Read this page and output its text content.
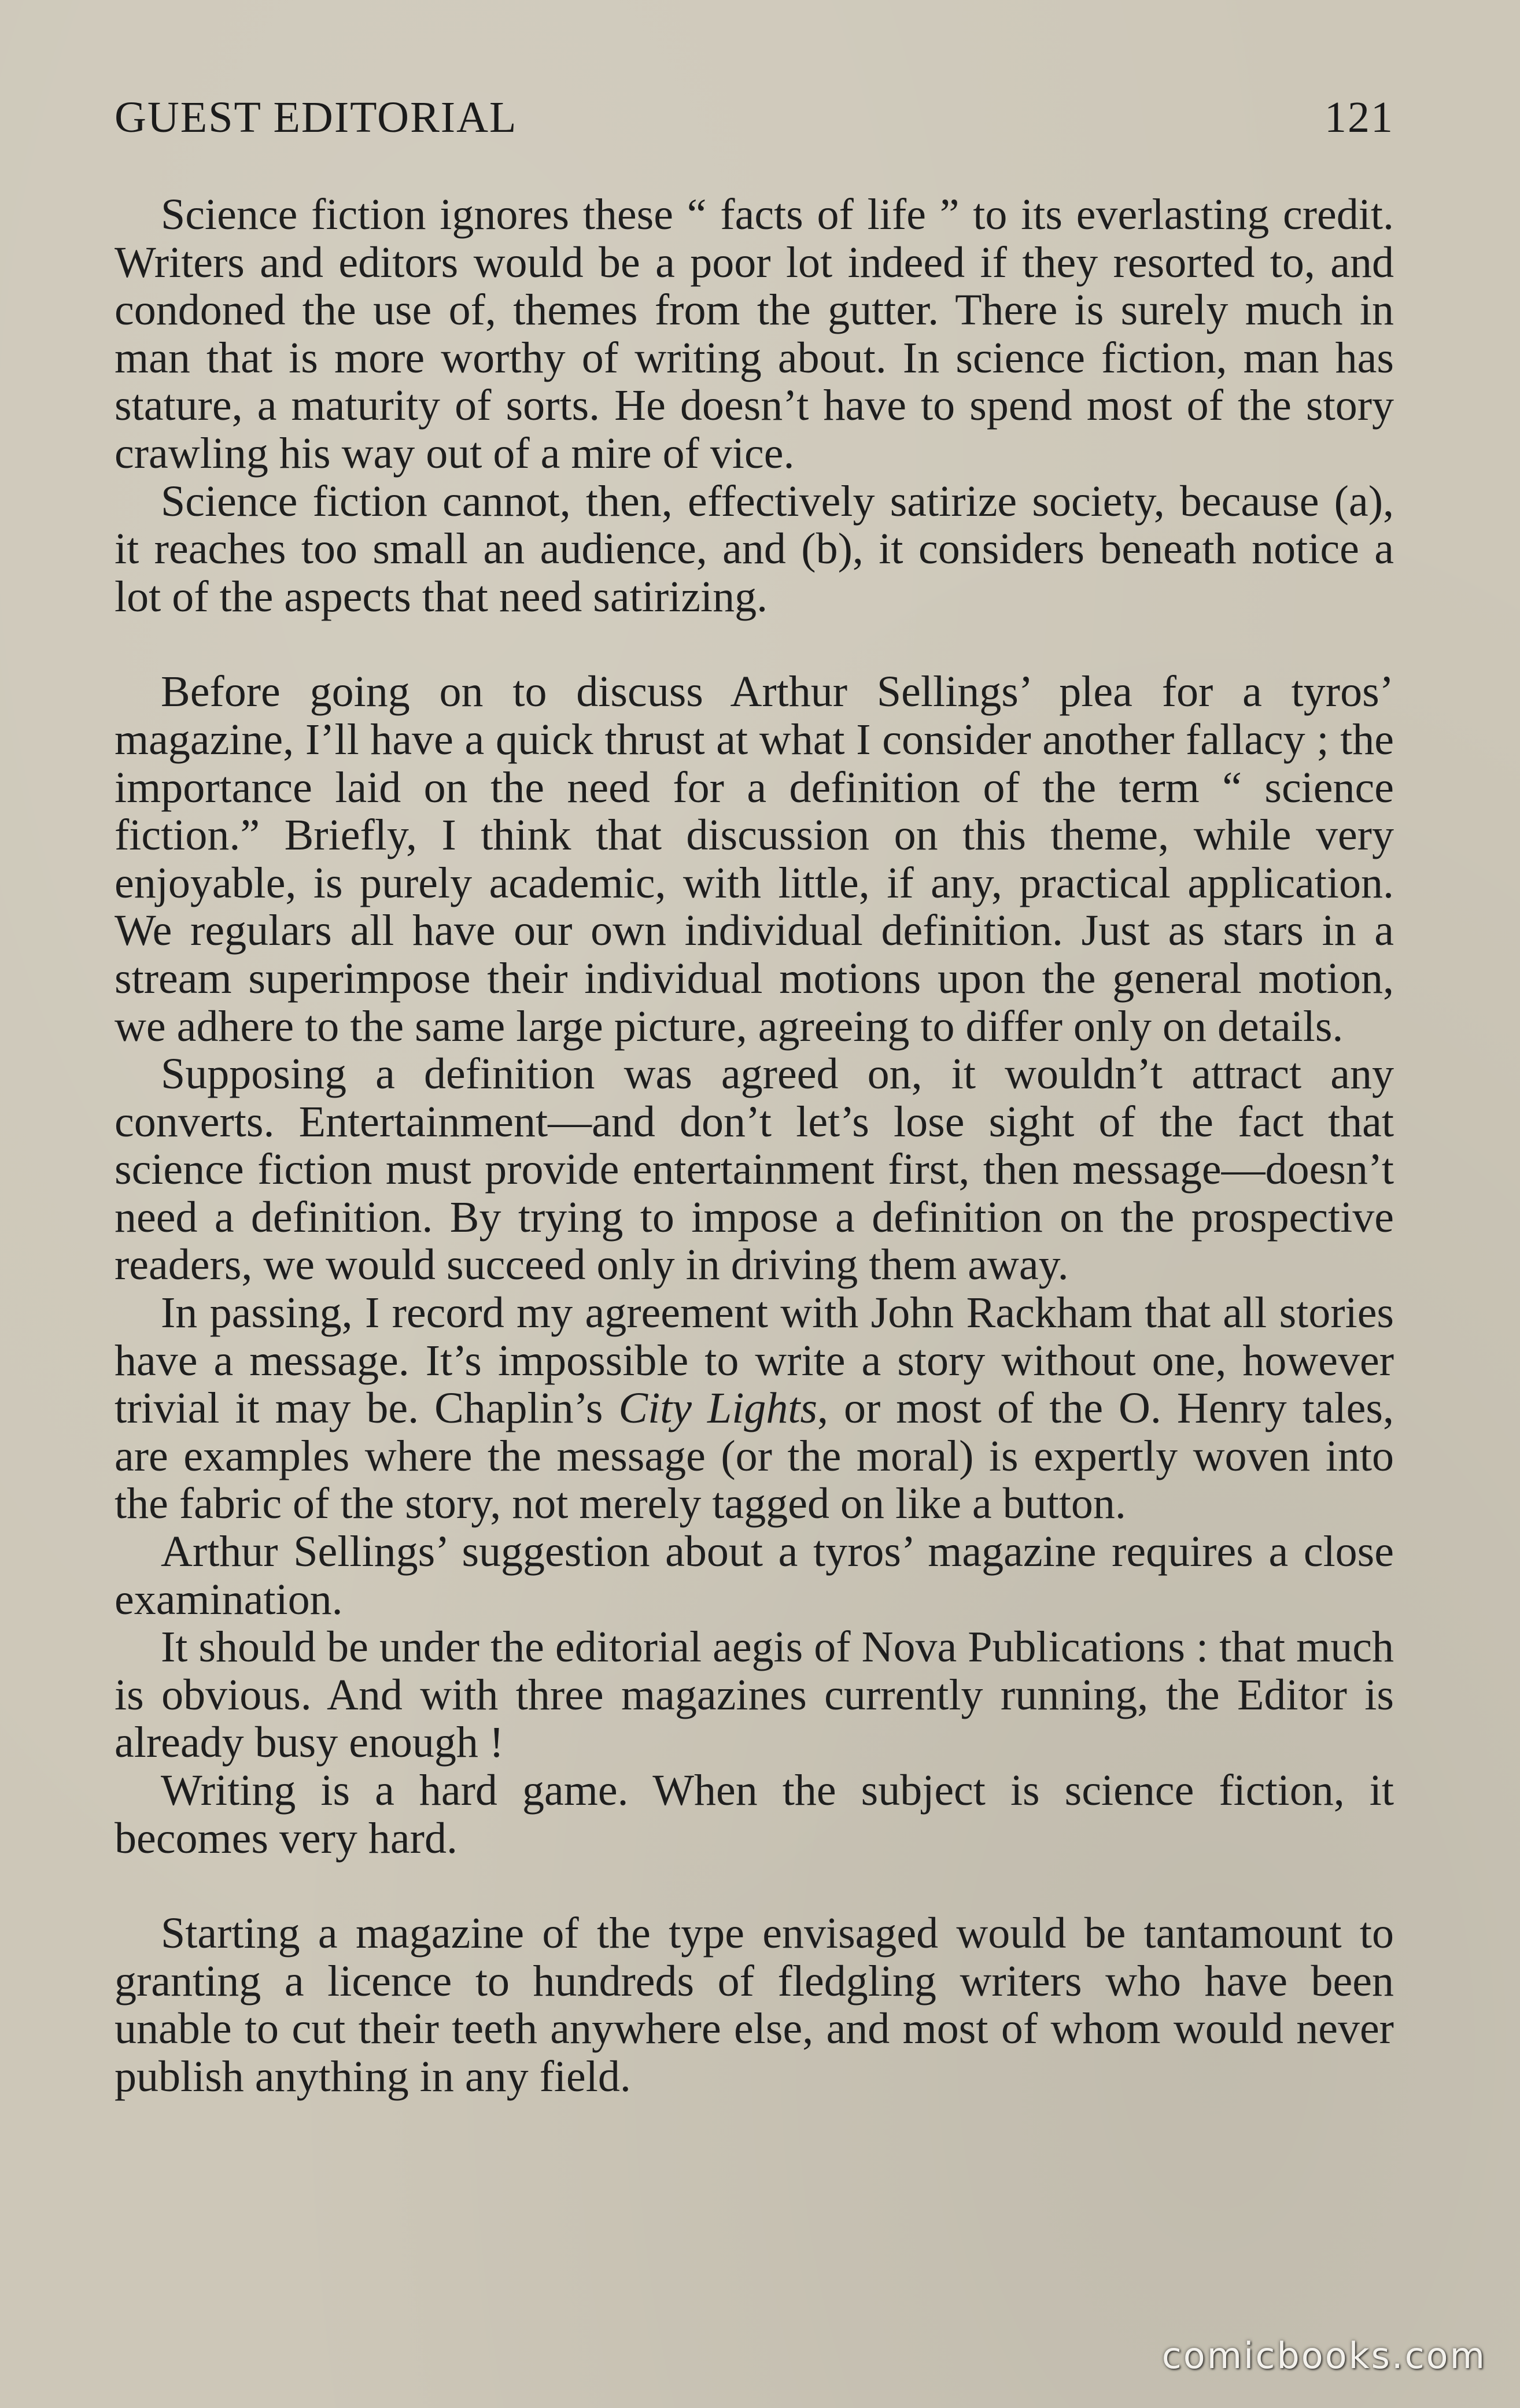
GUEST EDITORIAL	121

Science fiction ignores these “ facts of life ” to its everlasting credit. Writers and editors would be a poor lot indeed if they resorted to, and condoned the use of, themes from the gutter. There is surely much in man that is more worthy of writing about. In science fiction, man has stature, a maturity of sorts. He doesn’t have to spend most of the story crawling his way out of a mire of vice.

Science fiction cannot, then, effectively satirize society, because (a), it reaches too small an audience, and (b), it considers beneath notice a lot of the aspects that need satirizing.

Before going on to discuss Arthur Sellings’ plea for a tyros’ magazine, I’ll have a quick thrust at what I consider another fallacy ; the importance laid on the need for a definition of the term “ science fiction.” Briefly, I think that discussion on this theme, while very enjoyable, is purely academic, with little, if any, practical application. We regulars all have our own individual definition. Just as stars in a stream superimpose their individual motions upon the general motion, we adhere to the same large picture, agreeing to differ only on details.

Supposing a definition was agreed on, it wouldn’t attract any converts. Entertainment—and don’t let’s lose sight of the fact that science fiction must provide entertainment first, then message—doesn’t need a definition. By trying to impose a definition on the prospective readers, we would succeed only in driving them away.

In passing, I record my agreement with John Rackham that all stories have a message. It’s impossible to write a story without one, however trivial it may be. Chaplin’s City Lights, or most of the O. Henry tales, are examples where the message (or the moral) is expertly woven into the fabric of the story, not merely tagged on like a button.

Arthur Sellings’ suggestion about a tyros’ magazine requires a close examination.

It should be under the editorial aegis of Nova Publications : that much is obvious. And with three magazines currently running, the Editor is already busy enough !

Writing is a hard game. When the subject is science fiction, it becomes very hard.

Starting a magazine of the type envisaged would be tantamount to granting a licence to hundreds of fledgling writers who have been unable to cut their teeth anywhere else, and most of whom would never publish anything in any field.

comicbooks.com
